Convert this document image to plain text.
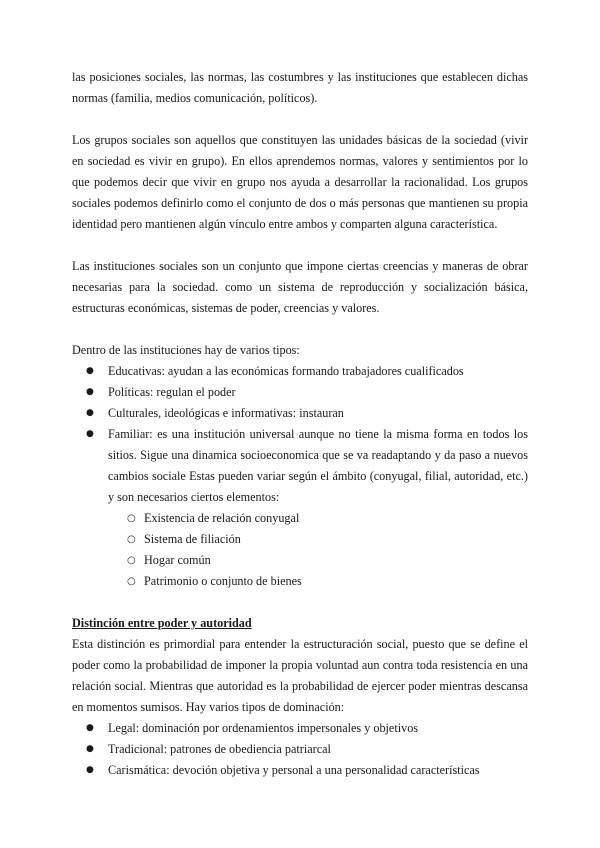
las posiciones sociales, las normas, las costumbres y las instituciones que establecen dichas normas (familia, medios comunicación, políticos).

Los grupos sociales son aquellos que constituyen las unidades básicas de la sociedad (vivir en sociedad es vivir en grupo). En ellos aprendemos normas, valores y sentimientos por lo que podemos decir que vivir en grupo nos ayuda a desarrollar la racionalidad. Los grupos sociales podemos definirlo como el conjunto de dos o más personas que mantienen su propia identidad pero mantienen algún vínculo entre ambos y comparten alguna característica.

Las instituciones sociales son un conjunto que impone ciertas creencias y maneras de obrar necesarias para la sociedad. como un sistema de reproducción y socialización básica, estructuras económicas, sistemas de poder, creencias y valores.

Dentro de las instituciones hay de varios tipos:

● Educativas: ayudan a las económicas formando trabajadores cualificados
● Políticas: regulan el poder
● Culturales, ideológicas e informativas: instauran
● Familiar: es una institución universal aunque no tiene la misma forma en todos los sitios. Sigue una dinamica socioeconomica que se va readaptando y da paso a nuevos cambios sociale Estas pueden variar según el ámbito (conyugal, filial, autoridad, etc.) y son necesarios ciertos elementos:
○ Existencia de relación conyugal
○ Sistema de filiación
○ Hogar común
○ Patrimonio o conjunto de bienes

Distinción entre poder y autoridad

Esta distinción es primordial para entender la estructuración social, puesto que se define el poder como la probabilidad de imponer la propia voluntad aun contra toda resistencia en una relación social. Mientras que autoridad es la probabilidad de ejercer poder mientras descansa en momentos sumisos. Hay varios tipos de dominación:

● Legal: dominación por ordenamientos impersonales y objetivos
● Tradicional: patrones de obediencia patriarcal
● Carismática: devoción objetiva y personal a una personalidad características
